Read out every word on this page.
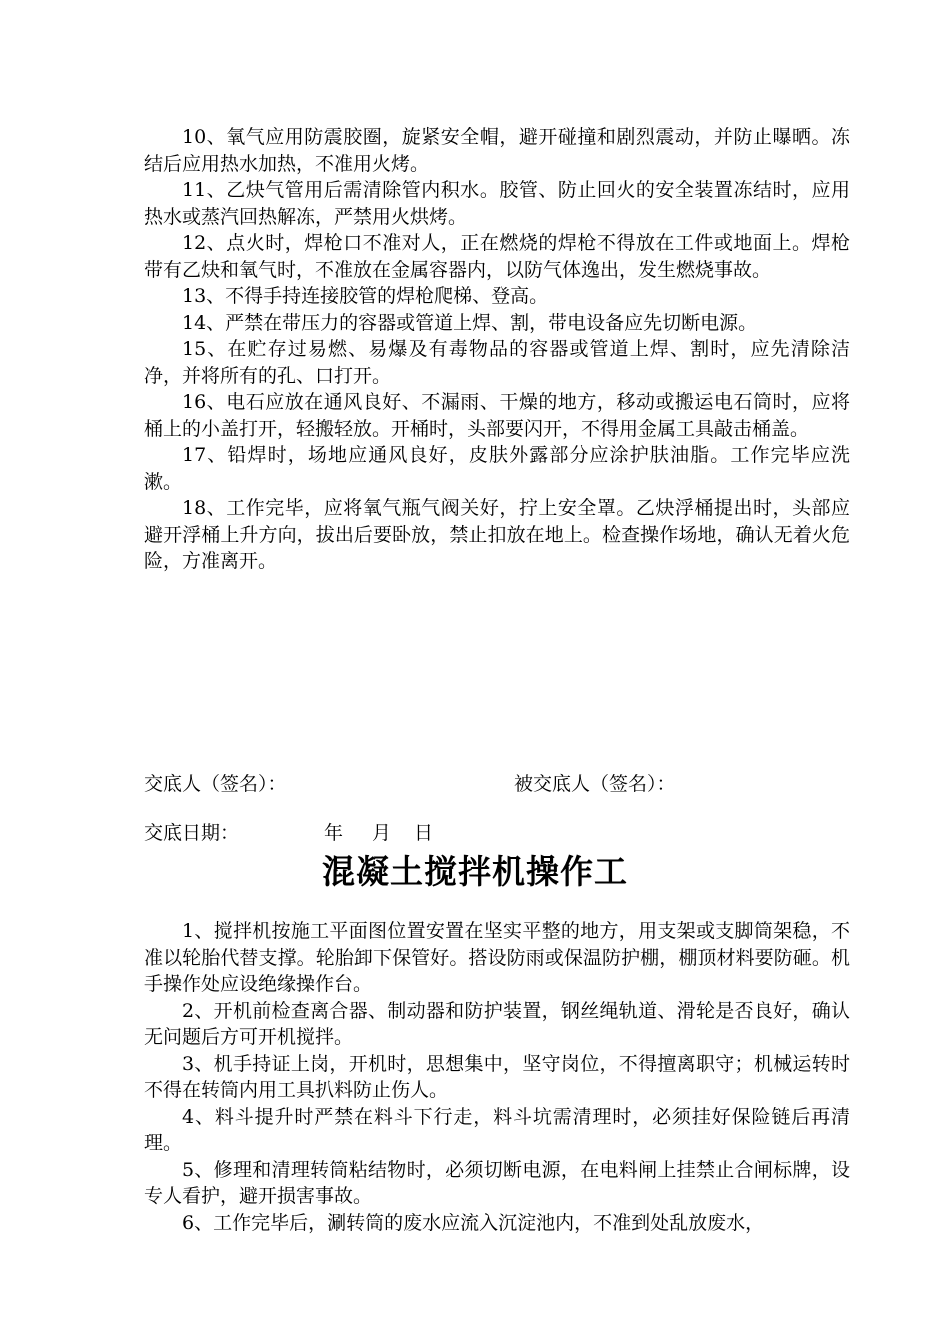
10、氧气应用防震胶圈，旋紧安全帽，避开碰撞和剧烈震动，并防止曝晒。冻结后应用热水加热，不准用火烤。

11、乙炔气管用后需清除管内积水。胶管、防止回火的安全装置冻结时，应用热水或蒸汽回热解冻，严禁用火烘烤。

12、点火时，焊枪口不准对人，正在燃烧的焊枪不得放在工件或地面上。焊枪带有乙炔和氧气时，不准放在金属容器内，以防气体逸出，发生燃烧事故。

13、不得手持连接胶管的焊枪爬梯、登高。

14、严禁在带压力的容器或管道上焊、割，带电设备应先切断电源。

15、在贮存过易燃、易爆及有毒物品的容器或管道上焊、割时，应先清除洁净，并将所有的孔、口打开。

16、电石应放在通风良好、不漏雨、干燥的地方，移动或搬运电石筒时，应将桶上的小盖打开，轻搬轻放。开桶时，头部要闪开，不得用金属工具敲击桶盖。

17、铅焊时，场地应通风良好，皮肤外露部分应涂护肤油脂。工作完毕应洗漱。

18、工作完毕，应将氧气瓶气阀关好，拧上安全罩。乙炔浮桶提出时，头部应避开浮桶上升方向，拔出后要卧放，禁止扣放在地上。检查操作场地，确认无着火危险，方准离开。

交底人（签名）：	被交底人（签名）：

交底日期：

	年

月

日

混凝土搅拌机操作工

1、搅拌机按施工平面图位置安置在坚实平整的地方，用支架或支脚筒架稳，不准以轮胎代替支撑。轮胎卸下保管好。搭设防雨或保温防护棚，棚顶材料要防砸。机手操作处应设绝缘操作台。

2、开机前检查离合器、制动器和防护装置，钢丝绳轨道、滑轮是否良好，确认无问题后方可开机搅拌。

3、机手持证上岗，开机时，思想集中，坚守岗位，不得擅离职守；机械运转时不得在转筒内用工具扒料防止伤人。

4、料斗提升时严禁在料斗下行走，料斗坑需清理时，必须挂好保险链后再清理。

5、修理和清理转筒粘结物时，必须切断电源，在电料闸上挂禁止合闸标牌，设专人看护，避开损害事故。

6、工作完毕后，涮转筒的废水应流入沉淀池内，不准到处乱放废水，
